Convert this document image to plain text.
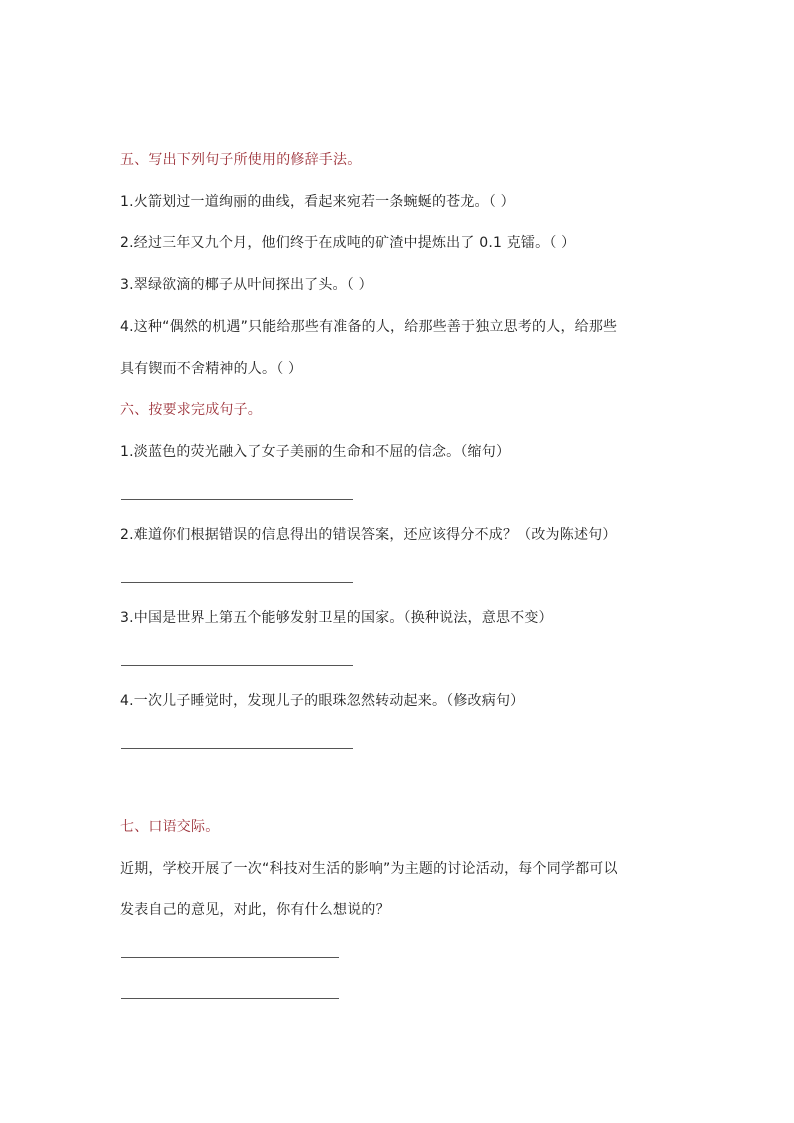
五、写出下列句子所使用的修辞手法。
1.火箭划过一道绚丽的曲线，看起来宛若一条蜿蜒的苍龙。（ ）
2.经过三年又九个月，他们终于在成吨的矿渣中提炼出了 0.1 克镭。（ ）
3.翠绿欲滴的椰子从叶间探出了头。（ ）
4.这种“偶然的机遇”只能给那些有准备的人，给那些善于独立思考的人，给那些
具有锲而不舍精神的人。（ ）
六、按要求完成句子。
1.淡蓝色的荧光融入了女子美丽的生命和不屈的信念。（缩句）
2.难道你们根据错误的信息得出的错误答案，还应该得分不成？（改为陈述句）
3.中国是世界上第五个能够发射卫星的国家。（换种说法，意思不变）
4.一次儿子睡觉时，发现儿子的眼珠忽然转动起来。（修改病句）
七、口语交际。
近期，学校开展了一次“科技对生活的影响”为主题的讨论活动，每个同学都可以
发表自己的意见，对此，你有什么想说的？
